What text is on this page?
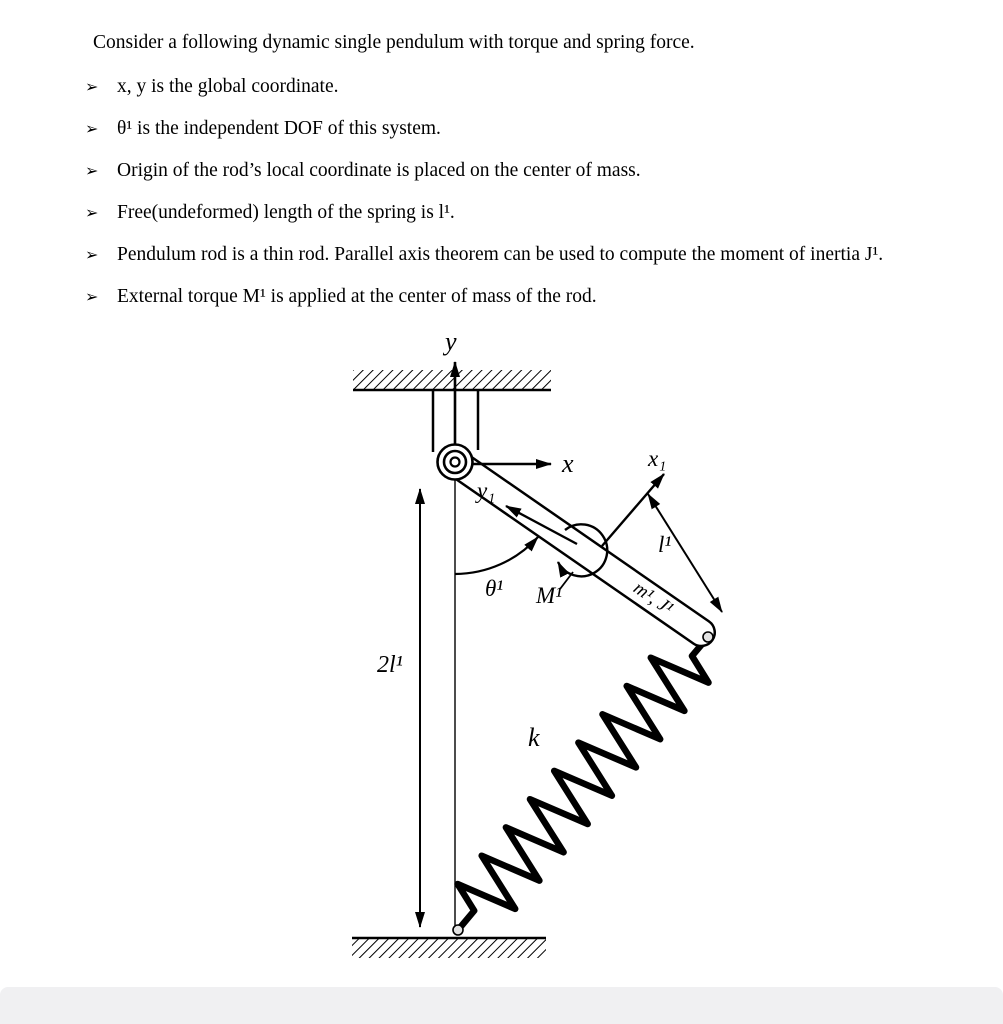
Consider a following dynamic single pendulum with torque and spring force.

➢ x, y is the global coordinate.
➢ θ¹ is the independent DOF of this system.
➢ Origin of the rod’s local coordinate is placed on the center of mass.
➢ Free(undeformed) length of the spring is l¹.
➢ Pendulum rod is a thin rod. Parallel axis theorem can be used to compute the moment of inertia J¹.
➢ External torque M¹ is applied at the center of mass of the rod.
2l¹
k
m¹, J¹
θ¹ M¹
l¹
x₁
y₁
y
x
